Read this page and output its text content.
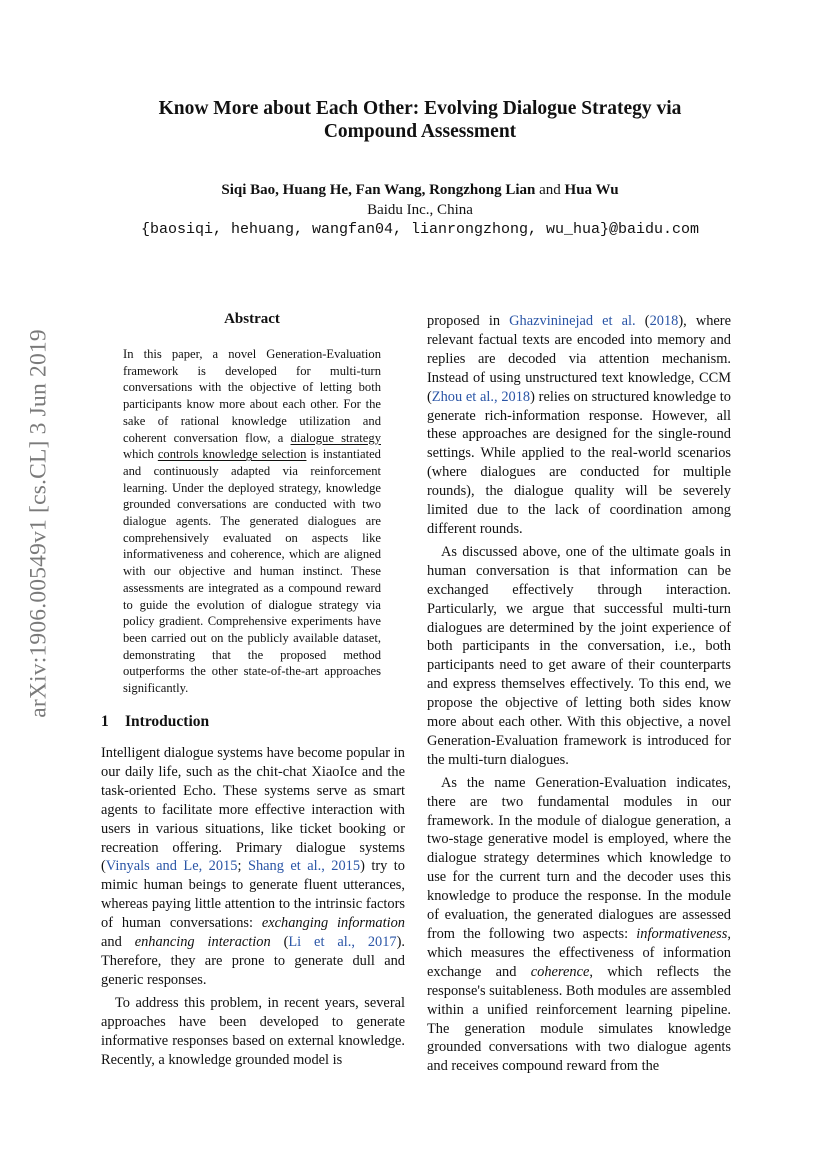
arXiv:1906.00549v1 [cs.CL] 3 Jun 2019
Know More about Each Other: Evolving Dialogue Strategy via
Compound Assessment
Siqi Bao, Huang He, Fan Wang, Rongzhong Lian and Hua Wu
Baidu Inc., China
{baosiqi, hehuang, wangfan04, lianrongzhong, wu_hua}@baidu.com
Abstract
In this paper, a novel Generation-Evaluation framework is developed for multi-turn conversations with the objective of letting both participants know more about each other. For the sake of rational knowledge utilization and coherent conversation flow, a dialogue strategy which controls knowledge selection is instantiated and continuously adapted via reinforcement learning. Under the deployed strategy, knowledge grounded conversations are conducted with two dialogue agents. The generated dialogues are comprehensively evaluated on aspects like informativeness and coherence, which are aligned with our objective and human instinct. These assessments are integrated as a compound reward to guide the evolution of dialogue strategy via policy gradient. Comprehensive experiments have been carried out on the publicly available dataset, demonstrating that the proposed method outperforms the other state-of-the-art approaches significantly.
1 Introduction

Intelligent dialogue systems have become popular in our daily life, such as the chit-chat XiaoIce and the task-oriented Echo. These systems serve as smart agents to facilitate more effective interaction with users in various situations, like ticket booking or recreation offering. Primary dialogue systems (Vinyals and Le, 2015; Shang et al., 2015) try to mimic human beings to generate fluent utterances, whereas paying little attention to the intrinsic factors of human conversations: exchanging information and enhancing interaction (Li et al., 2017). Therefore, they are prone to generate dull and generic responses.

To address this problem, in recent years, several approaches have been developed to generate informative responses based on external knowledge. Recently, a knowledge grounded model is

proposed in Ghazvininejad et al. (2018), where relevant factual texts are encoded into memory and replies are decoded via attention mechanism. Instead of using unstructured text knowledge, CCM (Zhou et al., 2018) relies on structured knowledge to generate rich-information response. However, all these approaches are designed for the single-round settings. While applied to the real-world scenarios (where dialogues are conducted for multiple rounds), the dialogue quality will be severely limited due to the lack of coordination among different rounds.

As discussed above, one of the ultimate goals in human conversation is that information can be exchanged effectively through interaction. Particularly, we argue that successful multi-turn dialogues are determined by the joint experience of both participants in the conversation, i.e., both participants need to get aware of their counterparts and express themselves effectively. To this end, we propose the objective of letting both sides know more about each other. With this objective, a novel Generation-Evaluation framework is introduced for the multi-turn dialogues.

As the name Generation-Evaluation indicates, there are two fundamental modules in our framework. In the module of dialogue generation, a two-stage generative model is employed, where the dialogue strategy determines which knowledge to use for the current turn and the decoder uses this knowledge to produce the response. In the module of evaluation, the generated dialogues are assessed from the following two aspects: informativeness, which measures the effectiveness of information exchange and coherence, which reflects the response's suitableness. Both modules are assembled within a unified reinforcement learning pipeline. The generation module simulates knowledge grounded conversations with two dialogue agents and receives compound reward from the
